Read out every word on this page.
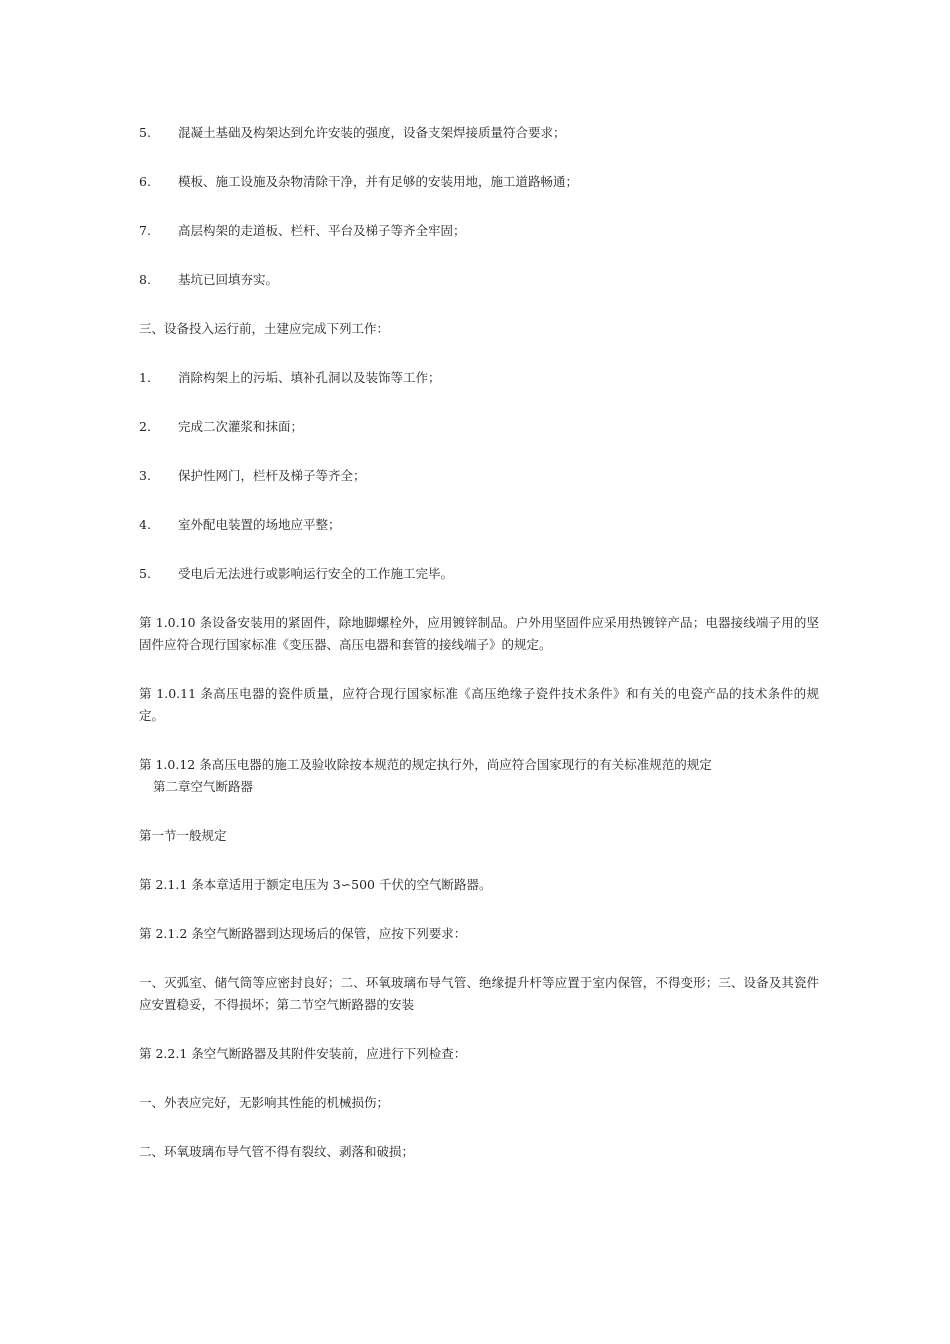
5.	混凝土基础及构架达到允许安装的强度，设备支架焊接质量符合要求；
6.	模板、施工设施及杂物清除干净，并有足够的安装用地，施工道路畅通；
7.	高层构架的走道板、栏杆、平台及梯子等齐全牢固；
8.	基坑已回填夯实。
三、设备投入运行前，土建应完成下列工作：
1.	消除构架上的污垢、填补孔洞以及装饰等工作；
2.	完成二次灌浆和抹面；
3.	保护性网门，栏杆及梯子等齐全；
4.	室外配电装置的场地应平整；
5.	受电后无法进行或影响运行安全的工作施工完毕。
第 1.0.10 条设备安装用的紧固件，除地脚螺栓外，应用镀锌制品。户外用坚固件应采用热镀锌产品；电器接线端子用的坚固件应符合现行国家标准《变压器、高压电器和套管的接线端子》的规定。
第 1.0.11 条高压电器的瓷件质量，应符合现行国家标准《高压绝缘子瓷件技术条件》和有关的电瓷产品的技术条件的规定。
第 1.0.12 条高压电器的施工及验收除按本规范的规定执行外，尚应符合国家现行的有关标准规范的规定
第二章空气断路器
第一节一般规定
第 2.1.1 条本章适用于额定电压为 3∽500 千伏的空气断路器。
第 2.1.2 条空气断路器到达现场后的保管，应按下列要求：
一、灭弧室、储气筒等应密封良好；二、环氧玻璃布导气管、绝缘提升杆等应置于室内保管，不得变形；三、设备及其瓷件应安置稳妥，不得损坏；第二节空气断路器的安装
第 2.2.1 条空气断路器及其附件安装前，应进行下列检查：
一、外表应完好，无影响其性能的机械损伤；
二、环氧玻璃布导气管不得有裂纹、剥落和破损；
